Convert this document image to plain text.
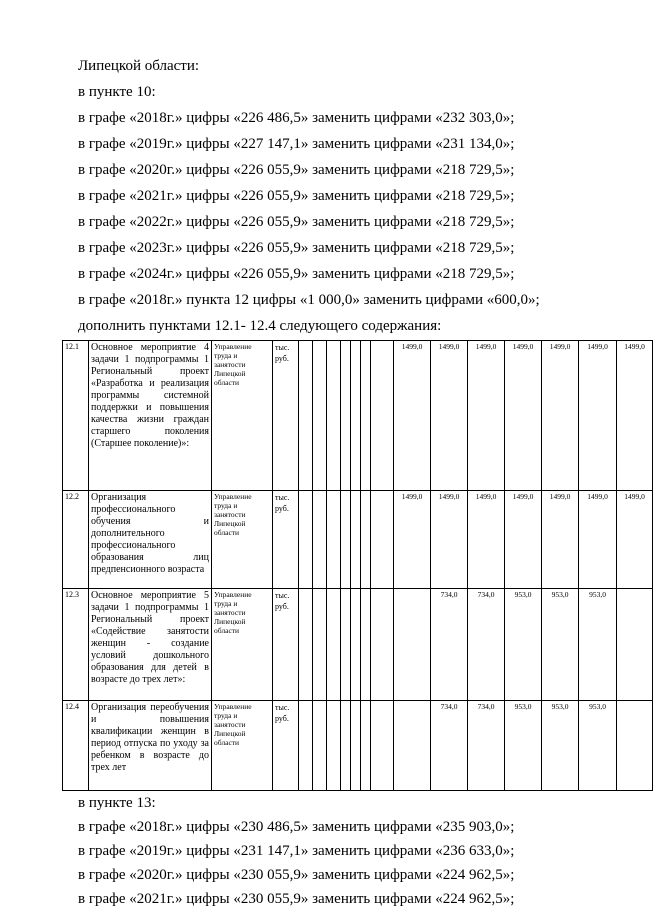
Липецкой области:
в пункте 10:
в графе «2018г.» цифры «226 486,5» заменить цифрами «232 303,0»;
в графе «2019г.» цифры «227 147,1» заменить цифрами «231 134,0»;
в графе «2020г.» цифры «226 055,9» заменить цифрами «218 729,5»;
в графе «2021г.» цифры «226 055,9» заменить цифрами «218 729,5»;
в графе «2022г.» цифры «226 055,9» заменить цифрами «218 729,5»;
в графе «2023г.» цифры «226 055,9» заменить цифрами «218 729,5»;
в графе «2024г.» цифры «226 055,9» заменить цифрами «218 729,5»;
в графе «2018г.» пункта 12 цифры «1 000,0» заменить цифрами «600,0»;
дополнить пунктами 12.1- 12.4 следующего содержания:
12.1	Основное мероприятие 4 задачи 1 подпрограммы 1 Региональный проект «Разработка и реализация программы системной поддержки и повышения качества жизни граждан старшего поколения (Старшее поколение)»:	Управление труда и занятости Липецкой области	тыс. руб.								1499,0	1499,0	1499,0	1499,0	1499,0	1499,0	1499,0
12.2	Организация профессионального обучения и дополнительного профессионального образования лиц предпенсионного возраста	Управление труда и занятости Липецкой области	тыс. руб.								1499,0	1499,0	1499,0	1499,0	1499,0	1499,0	1499,0
12.3	Основное мероприятие 5 задачи 1 подпрограммы 1 Региональный проект «Содействие занятости женщин - создание условий дошкольного образования для детей в возрасте до трех лет»:	Управление труда и занятости Липецкой области	тыс. руб.									734,0	734,0	953,0	953,0	953,0	
12.4	Организация переобучения и повышения квалификации женщин в период отпуска по уходу за ребенком в возрасте до трех лет	Управление труда и занятости Липецкой области	тыс. руб.									734,0	734,0	953,0	953,0	953,0	
в пункте 13:
в графе «2018г.» цифры «230 486,5» заменить цифрами «235 903,0»;
в графе «2019г.» цифры «231 147,1» заменить цифрами «236 633,0»;
в графе «2020г.» цифры «230 055,9» заменить цифрами «224 962,5»;
в графе «2021г.» цифры «230 055,9» заменить цифрами «224 962,5»;
